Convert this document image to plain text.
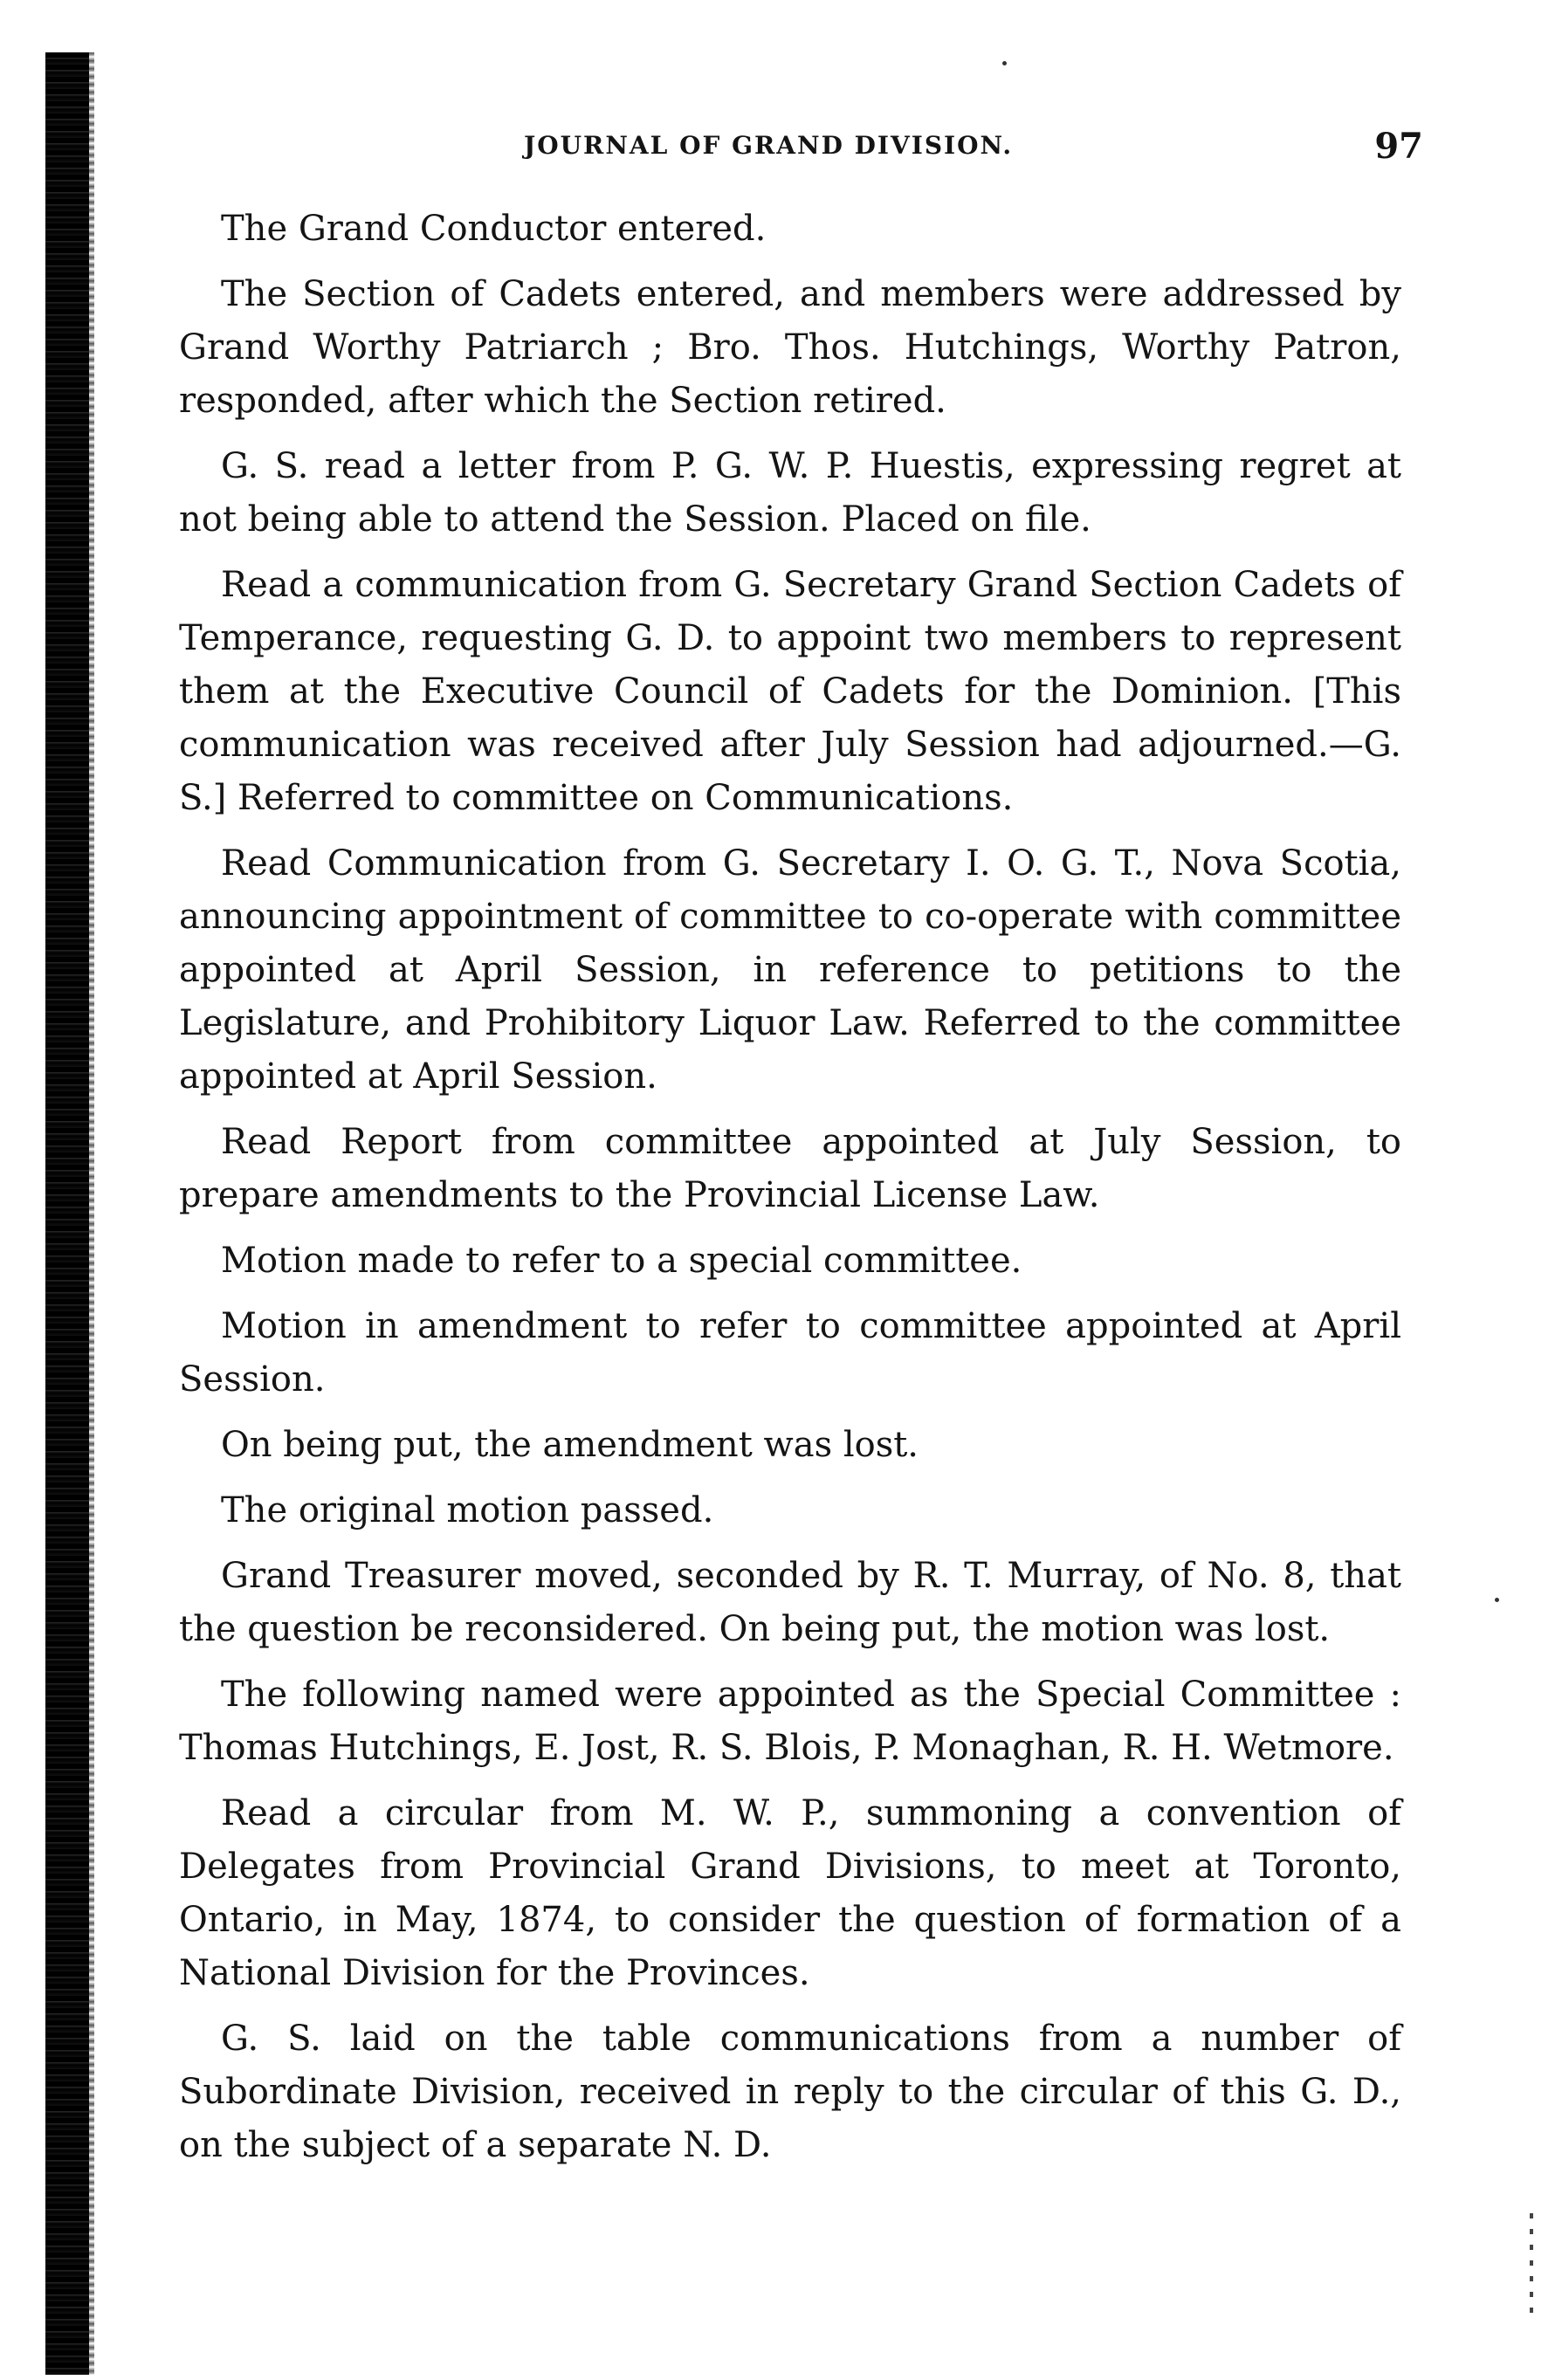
JOURNAL OF GRAND DIVISION.	97

The Grand Conductor entered.

The Section of Cadets entered, and members were addressed by Grand Worthy Patriarch ; Bro. Thos. Hutchings, Worthy Patron, responded, after which the Section retired.

G. S. read a letter from P. G. W. P. Huestis, expressing regret at not being able to attend the Session. Placed on file.

Read a communication from G. Secretary Grand Section Cadets of Temperance, requesting G. D. to appoint two members to represent them at the Executive Council of Cadets for the Dominion. [This communication was received after July Session had adjourned.—G. S.] Referred to committee on Communications.

Read Communication from G. Secretary I. O. G. T., Nova Scotia, announcing appointment of committee to co-operate with committee appointed at April Session, in reference to petitions to the Legislature, and Prohibitory Liquor Law. Referred to the committee appointed at April Session.

Read Report from committee appointed at July Session, to prepare amendments to the Provincial License Law.

Motion made to refer to a special committee.

Motion in amendment to refer to committee appointed at April Session.

On being put, the amendment was lost.

The original motion passed.

Grand Treasurer moved, seconded by R. T. Murray, of No. 8, that the question be reconsidered. On being put, the motion was lost.

The following named were appointed as the Special Committee : Thomas Hutchings, E. Jost, R. S. Blois, P. Monaghan, R. H. Wetmore.

Read a circular from M. W. P., summoning a convention of Delegates from Provincial Grand Divisions, to meet at Toronto, Ontario, in May, 1874, to consider the question of formation of a National Division for the Provinces.

G. S. laid on the table communications from a number of Subordinate Division, received in reply to the circular of this G. D., on the subject of a separate N. D.
